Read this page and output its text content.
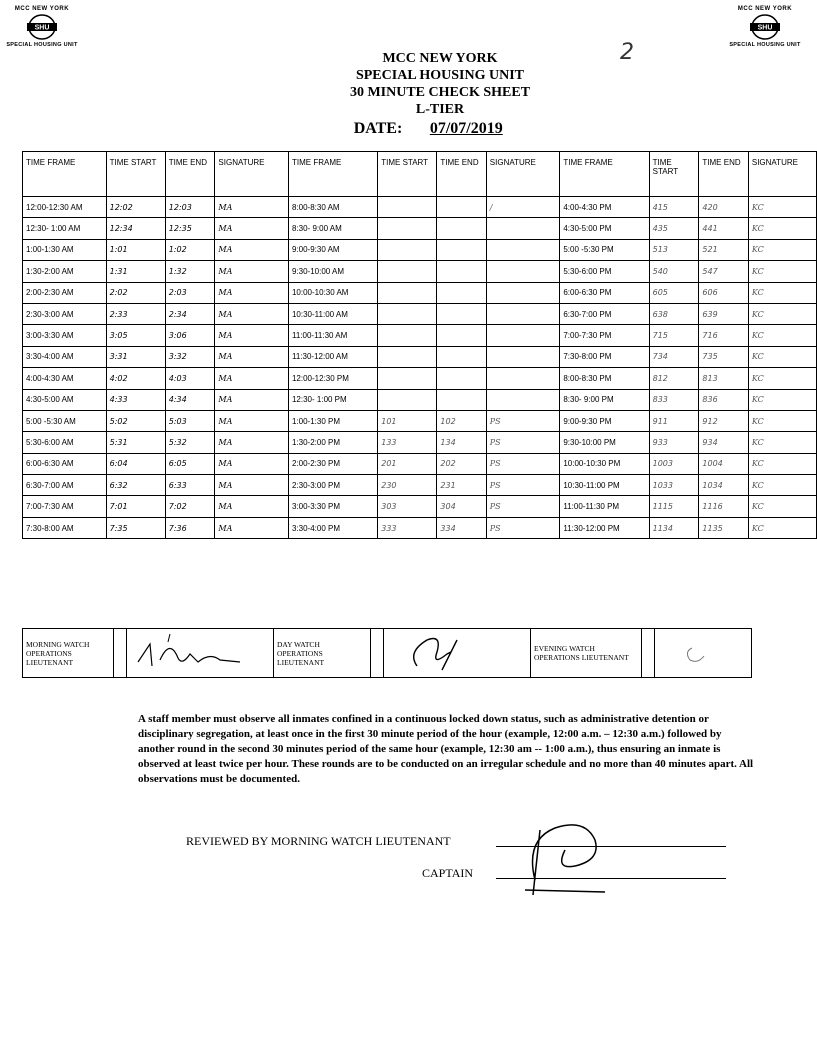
MCC NEW YORK
SHU
SPECIAL HOUSING UNIT
MCC NEW YORK
SHU
SPECIAL HOUSING UNIT
MCC NEW YORK
SPECIAL HOUSING UNIT
30 MINUTE CHECK SHEET
L-TIER
DATE: 07/07/2019
2
TIME FRAME	TIME START	TIME END	SIGNATURE	TIME FRAME	TIME START	TIME END	SIGNATURE	TIME FRAME	TIME START	TIME END	SIGNATURE
12:00-12:30 AM	12:02	12:03	MA	8:00-8:30 AM			/	4:00-4:30 PM	415	420	KC
12:30- 1:00 AM	12:34	12:35	MA	8:30- 9:00 AM				4:30-5:00 PM	435	441	KC
1:00-1:30 AM	1:01	1:02	MA	9:00-9:30 AM				5:00 -5:30 PM	513	521	KC
1:30-2:00 AM	1:31	1:32	MA	9:30-10:00 AM				5:30-6:00 PM	540	547	KC
2:00-2:30 AM	2:02	2:03	MA	10:00-10:30 AM				6:00-6:30 PM	605	606	KC
2:30-3:00 AM	2:33	2:34	MA	10:30-11:00 AM				6:30-7:00 PM	638	639	KC
3:00-3:30 AM	3:05	3:06	MA	11:00-11:30 AM				7:00-7:30 PM	715	716	KC
3:30-4:00 AM	3:31	3:32	MA	11:30-12:00 AM				7:30-8:00 PM	734	735	KC
4:00-4:30 AM	4:02	4:03	MA	12:00-12:30 PM				8:00-8:30 PM	812	813	KC
4:30-5:00 AM	4:33	4:34	MA	12:30- 1:00 PM				8:30- 9:00 PM	833	836	KC
5:00 -5:30 AM	5:02	5:03	MA	1:00-1:30 PM	101	102	PS	9:00-9:30 PM	911	912	KC
5:30-6:00 AM	5:31	5:32	MA	1:30-2:00 PM	133	134	PS	9:30-10:00 PM	933	934	KC
6:00-6:30 AM	6:04	6:05	MA	2:00-2:30 PM	201	202	PS	10:00-10:30 PM	1003	1004	KC
6:30-7:00 AM	6:32	6:33	MA	2:30-3:00 PM	230	231	PS	10:30-11:00 PM	1033	1034	KC
7:00-7:30 AM	7:01	7:02	MA	3:00-3:30 PM	303	304	PS	11:00-11:30 PM	1115	1116	KC
7:30-8:00 AM	7:35	7:36	MA	3:30-4:00 PM	333	334	PS	11:30-12:00 PM	1134	1135	KC
MORNING WATCH OPERATIONS LIEUTENANT			DAY WATCH OPERATIONS LIEUTENANT			EVENING WATCH OPERATIONS LIEUTENANT		
A staff member must observe all inmates confined in a continuous locked down status, such as administrative detention or disciplinary segregation, at least once in the first 30 minute period of the hour (example, 12:00 a.m. – 12:30 a.m.) followed by another round in the second 30 minutes period of the same hour (example, 12:30 am -- 1:00 a.m.), thus ensuring an inmate is observed at least twice per hour. These rounds are to be conducted on an irregular schedule and no more than 40 minutes apart. All observations must be documented.
REVIEWED BY MORNING WATCH LIEUTENANT
CAPTAIN
